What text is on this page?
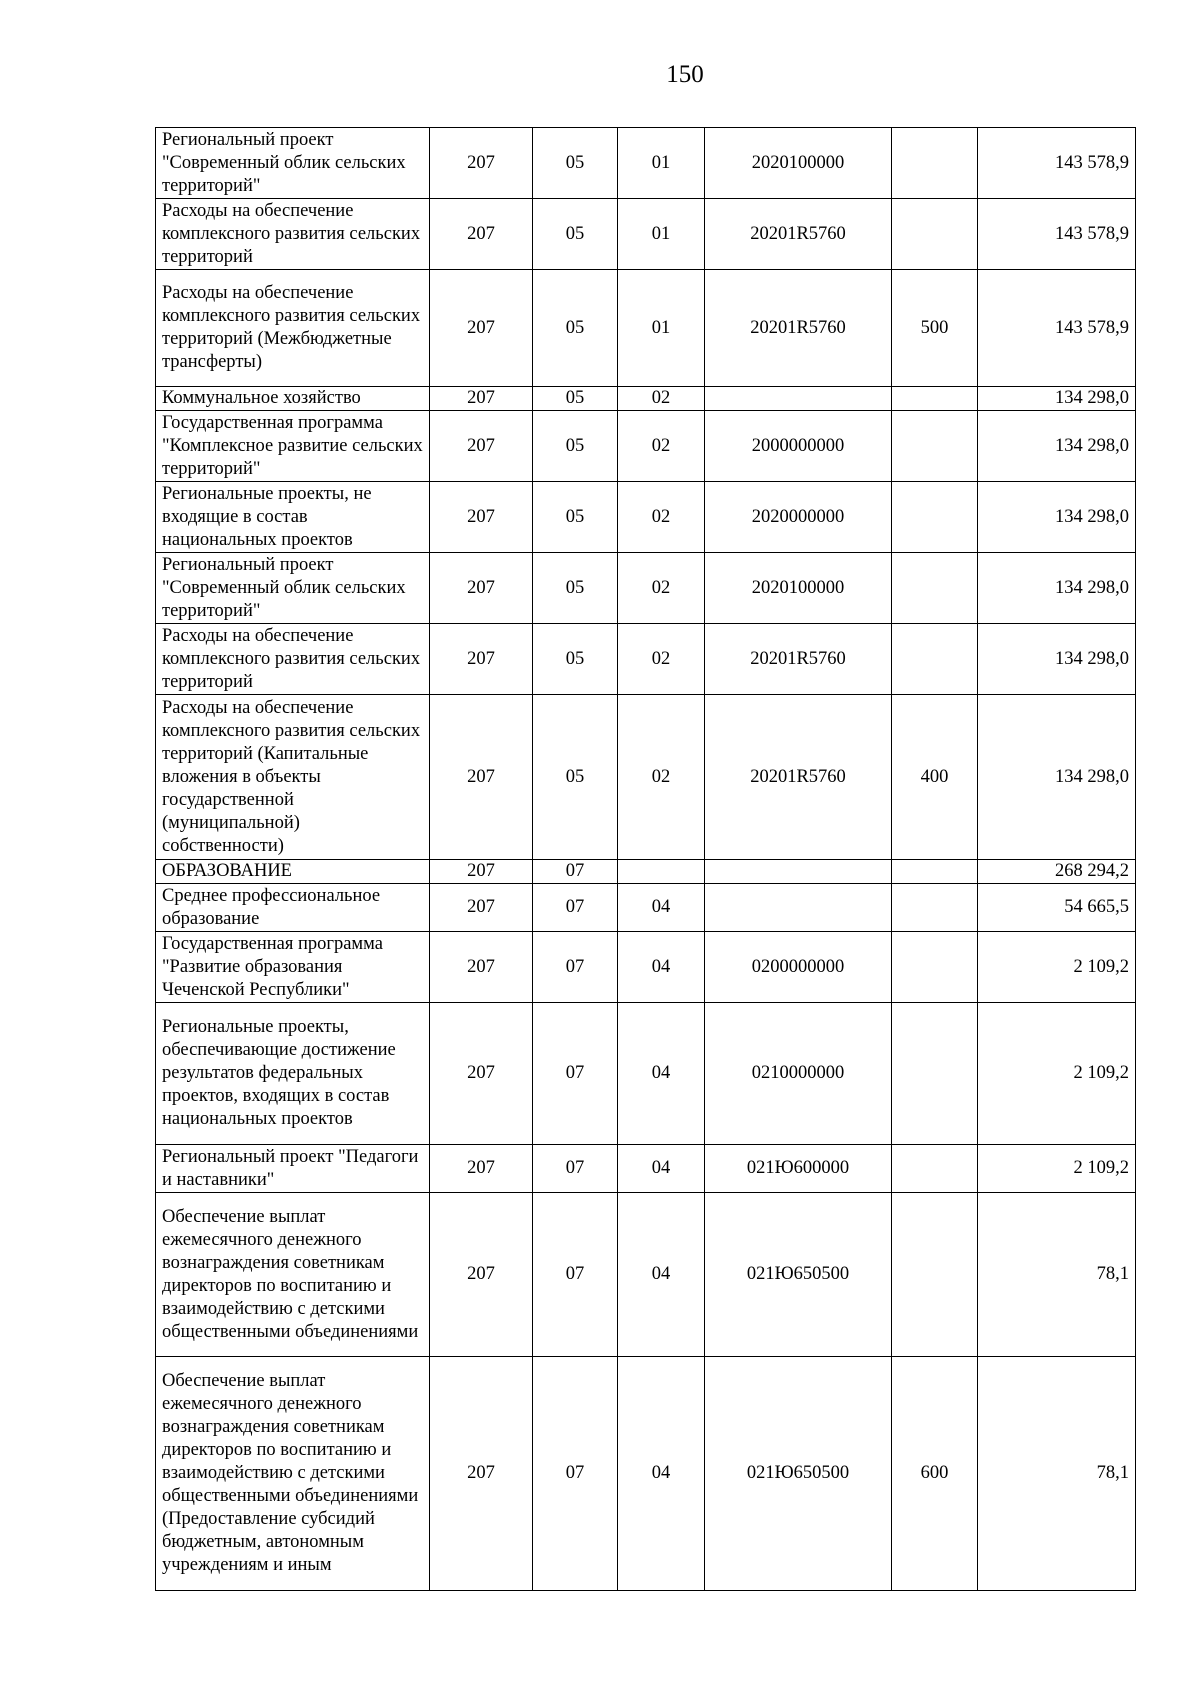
150
Региональный проект "Современный облик сельских территорий"	207	05	01	2020100000		143 578,9
Расходы на обеспечение комплексного развития сельских территорий	207	05	01	20201R5760		143 578,9
Расходы на обеспечение комплексного развития сельских территорий (Межбюджетные трансферты)	207	05	01	20201R5760	500	143 578,9
Коммунальное хозяйство	207	05	02			134 298,0
Государственная программа "Комплексное развитие сельских территорий"	207	05	02	2000000000		134 298,0
Региональные проекты, не входящие в состав национальных проектов	207	05	02	2020000000		134 298,0
Региональный проект "Современный облик сельских территорий"	207	05	02	2020100000		134 298,0
Расходы на обеспечение комплексного развития сельских территорий	207	05	02	20201R5760		134 298,0
Расходы на обеспечение комплексного развития сельских территорий (Капитальные вложения в объекты государственной (муниципальной) собственности)	207	05	02	20201R5760	400	134 298,0
ОБРАЗОВАНИЕ	207	07				268 294,2
Среднее профессиональное образование	207	07	04			54 665,5
Государственная программа "Развитие образования Чеченской Республики"	207	07	04	0200000000		2 109,2
Региональные проекты, обеспечивающие достижение результатов федеральных проектов, входящих в состав национальных проектов	207	07	04	0210000000		2 109,2
Региональный проект "Педагоги и наставники"	207	07	04	021Ю600000		2 109,2
Обеспечение выплат ежемесячного денежного вознаграждения советникам директоров по воспитанию и взаимодействию с детскими общественными объединениями	207	07	04	021Ю650500		78,1
Обеспечение выплат ежемесячного денежного вознаграждения советникам директоров по воспитанию и взаимодействию с детскими общественными объединениями (Предоставление субсидий бюджетным, автономным учреждениям и иным	207	07	04	021Ю650500	600	78,1
